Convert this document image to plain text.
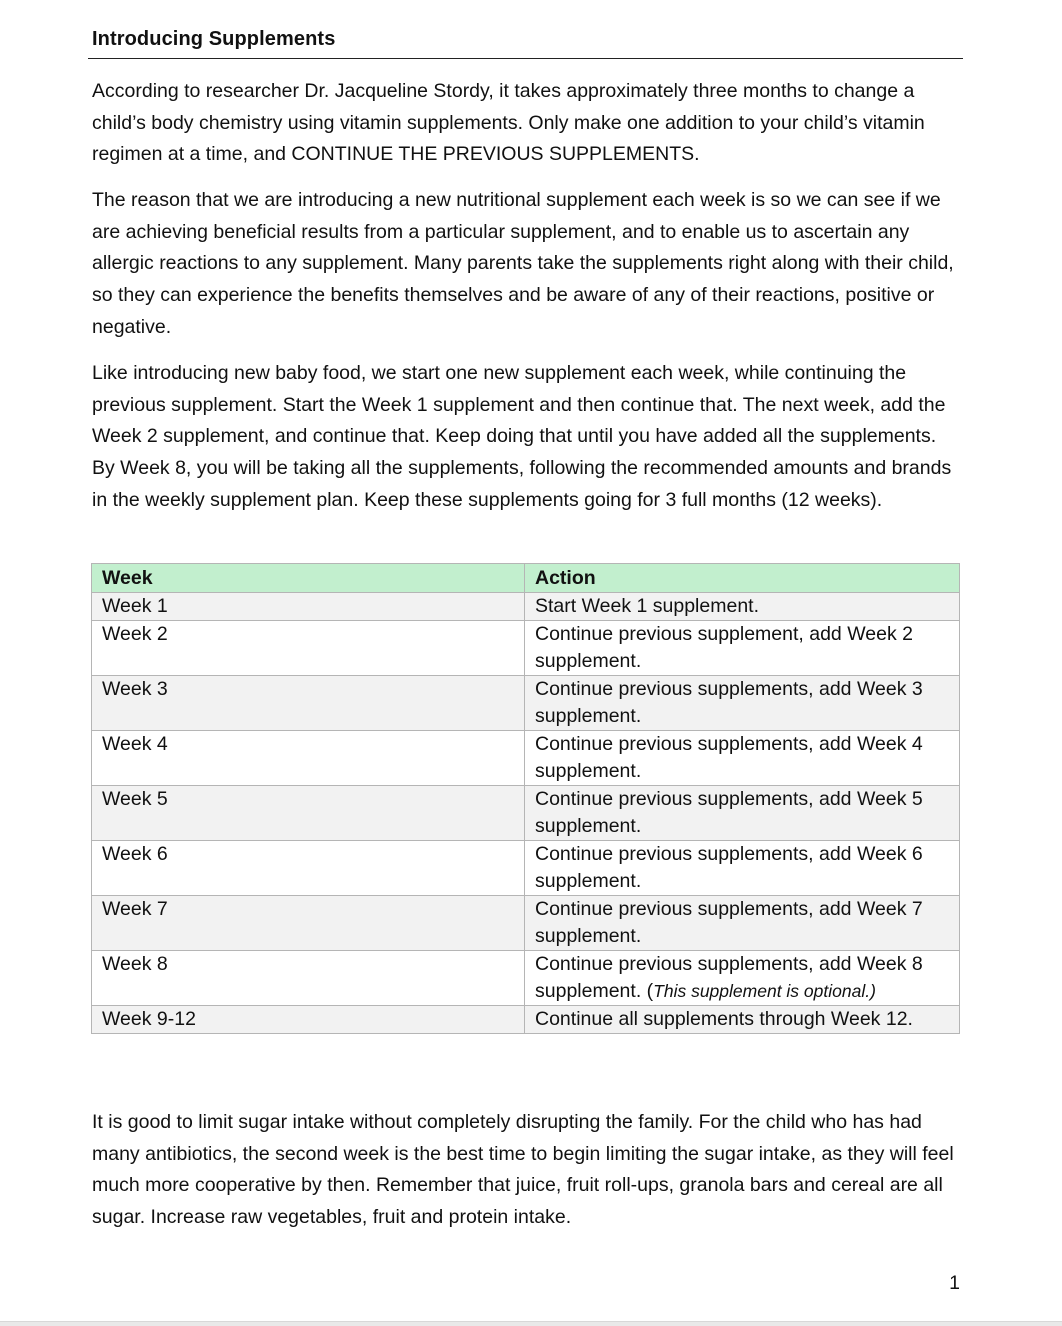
Introducing Supplements

According to researcher Dr. Jacqueline Stordy, it takes approximately three months to change a child’s body chemistry using vitamin supplements. Only make one addition to your child’s vitamin regimen at a time, and CONTINUE THE PREVIOUS SUPPLEMENTS.

The reason that we are introducing a new nutritional supplement each week is so we can see if we are achieving beneficial results from a particular supplement, and to enable us to ascertain any allergic reactions to any supplement. Many parents take the supplements right along with their child, so they can experience the benefits themselves and be aware of any of their reactions, positive or negative.

Like introducing new baby food, we start one new supplement each week, while continuing the previous supplement. Start the Week 1 supplement and then continue that. The next week, add the Week 2 supplement, and continue that. Keep doing that until you have added all the supplements. By Week 8, you will be taking all the supplements, following the recommended amounts and brands in the weekly supplement plan. Keep these supplements going for 3 full months (12 weeks).

Week	Action
Week 1	Start Week 1 supplement.
Week 2	Continue previous supplement, add Week 2 supplement.
Week 3	Continue previous supplements, add Week 3 supplement.
Week 4	Continue previous supplements, add Week 4 supplement.
Week 5	Continue previous supplements, add Week 5 supplement.
Week 6	Continue previous supplements, add Week 6 supplement.
Week 7	Continue previous supplements, add Week 7 supplement.
Week 8	Continue previous supplements, add Week 8 supplement. (This supplement is optional.)
Week 9-12	Continue all supplements through Week 12.

It is good to limit sugar intake without completely disrupting the family. For the child who has had many antibiotics, the second week is the best time to begin limiting the sugar intake, as they will feel much more cooperative by then. Remember that juice, fruit roll-ups, granola bars and cereal are all sugar. Increase raw vegetables, fruit and protein intake.

1
